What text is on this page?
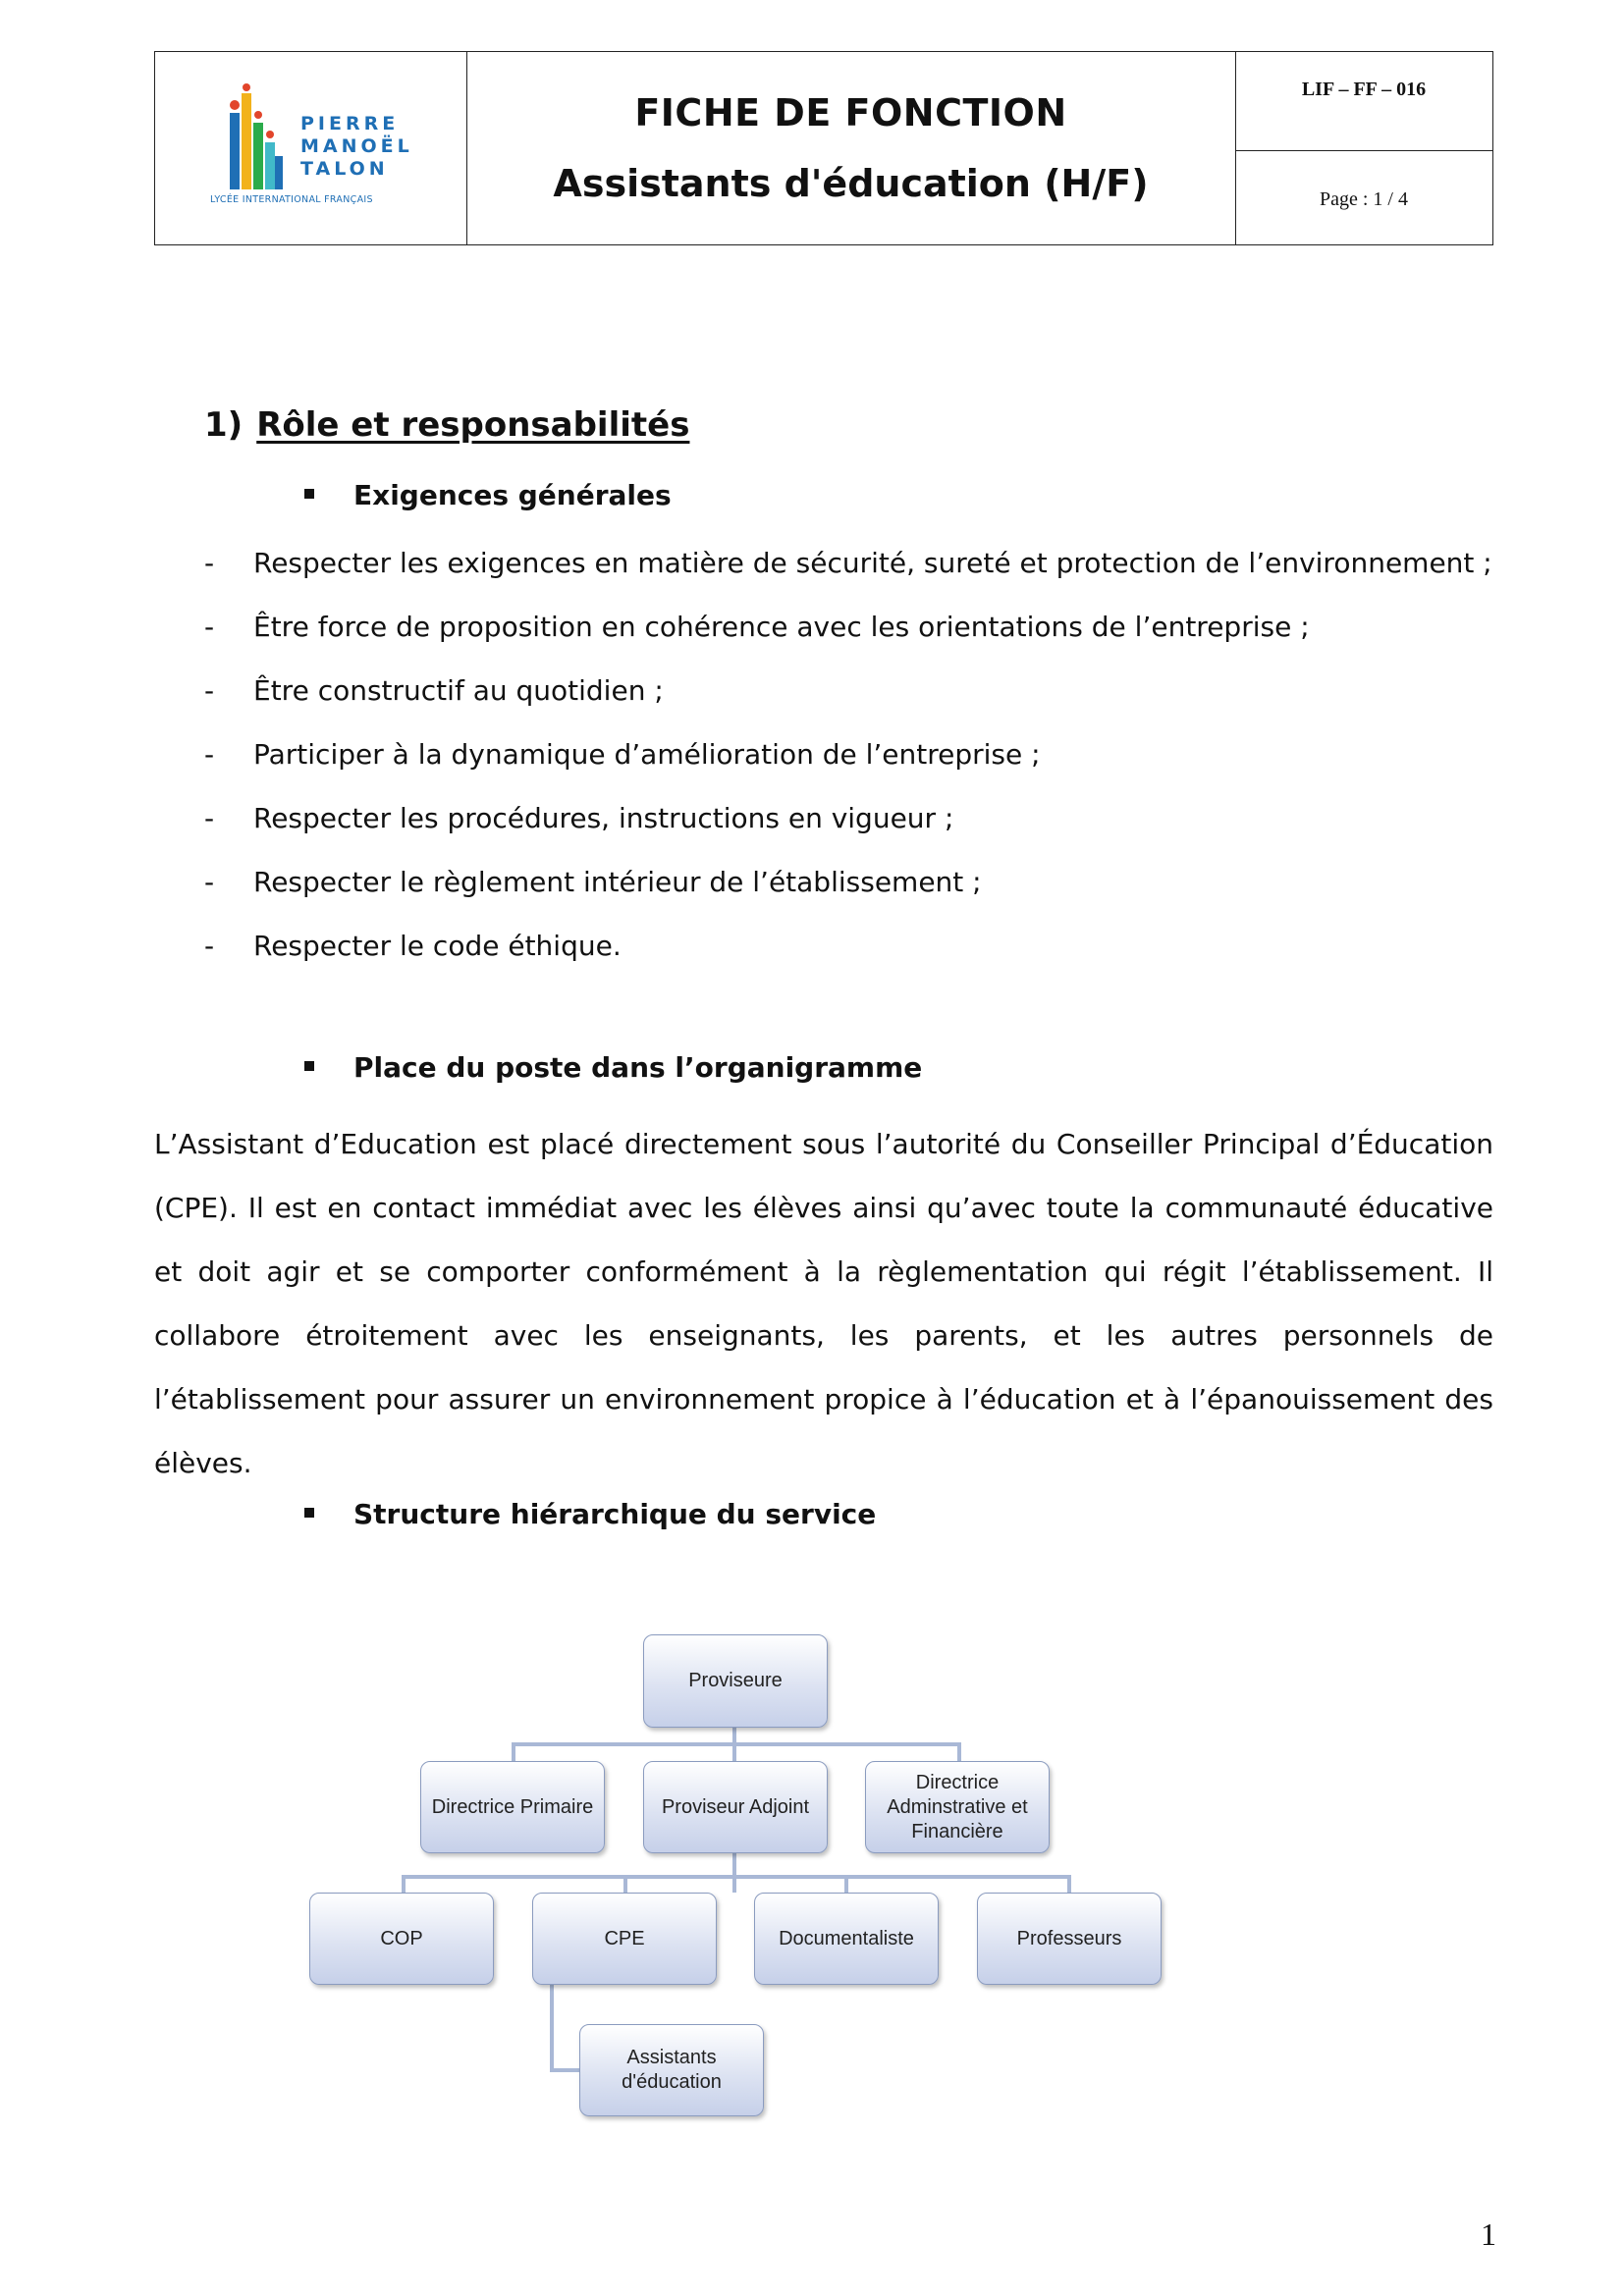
PIERRE
MANOËL
TALON
LYCÉE INTERNATIONAL FRANÇAIS
FICHE DE FONCTION
Assistants d'éducation (H/F)
LIF – FF – 016
Page : 1 / 4
1) Rôle et responsabilités
Exigences générales
- Respecter les exigences en matière de sécurité, sureté et protection de l’environnement ;
- Être force de proposition en cohérence avec les orientations de l’entreprise ;
- Être constructif au quotidien ;
- Participer à la dynamique d’amélioration de l’entreprise ;
- Respecter les procédures, instructions en vigueur ;
- Respecter le règlement intérieur de l’établissement ;
- Respecter le code éthique.
Place du poste dans l’organigramme

L’Assistant d’Education est placé directement sous l’autorité du Conseiller Principal d’Éducation (CPE). Il est en contact immédiat avec les élèves ainsi qu’avec toute la communauté éducative et doit agir et se comporter conformément à la règlementation qui régit l’établissement. Il collabore étroitement avec les enseignants, les parents, et les autres personnels de l’établissement pour assurer un environnement propice à l’éducation et à l’épanouissement des élèves.

Structure hiérarchique du service
Proviseure
Directrice Primaire	Proviseur Adjoint
Directrice Adminstrative et Financière
COP	CPE	Documentaliste	Professeurs
Assistants d'éducation
1
